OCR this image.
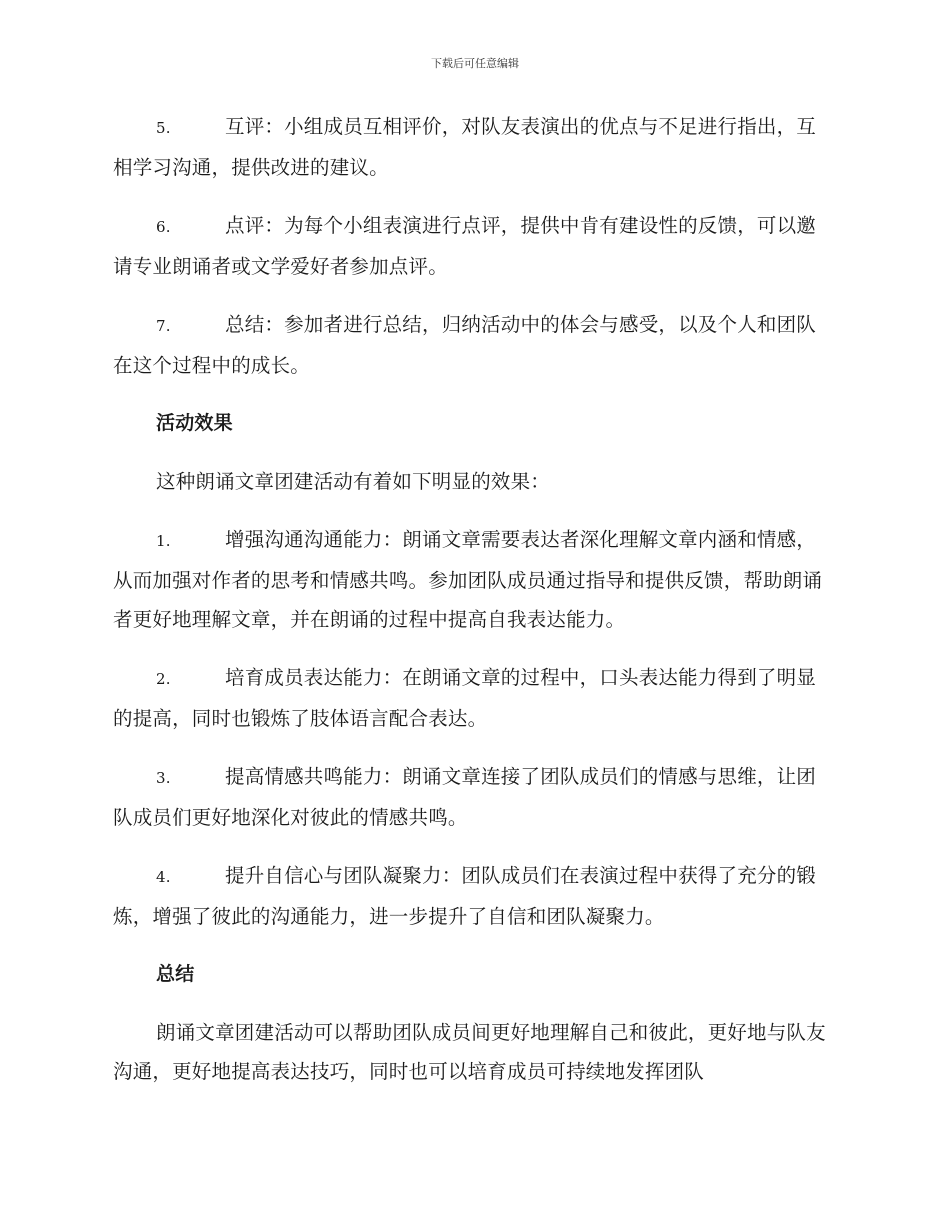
下载后可任意编辑

5.	互评：小组成员互相评价，对队友表演出的优点与不足进行指出，互相学习沟通，提供改进的建议。

6.	点评：为每个小组表演进行点评，提供中肯有建设性的反馈，可以邀请专业朗诵者或文学爱好者参加点评。

7.	总结：参加者进行总结，归纳活动中的体会与感受，以及个人和团队在这个过程中的成长。

活动效果

这种朗诵文章团建活动有着如下明显的效果：

1.	增强沟通沟通能力：朗诵文章需要表达者深化理解文章内涵和情感，从而加强对作者的思考和情感共鸣。参加团队成员通过指导和提供反馈，帮助朗诵者更好地理解文章，并在朗诵的过程中提高自我表达能力。

2.	培育成员表达能力：在朗诵文章的过程中，口头表达能力得到了明显的提高，同时也锻炼了肢体语言配合表达。

3.	提高情感共鸣能力：朗诵文章连接了团队成员们的情感与思维，让团队成员们更好地深化对彼此的情感共鸣。

4.	提升自信心与团队凝聚力：团队成员们在表演过程中获得了充分的锻炼，增强了彼此的沟通能力，进一步提升了自信和团队凝聚力。

总结

朗诵文章团建活动可以帮助团队成员间更好地理解自己和彼此，更好地与队友沟通，更好地提高表达技巧，同时也可以培育成员可持续地发挥团队
